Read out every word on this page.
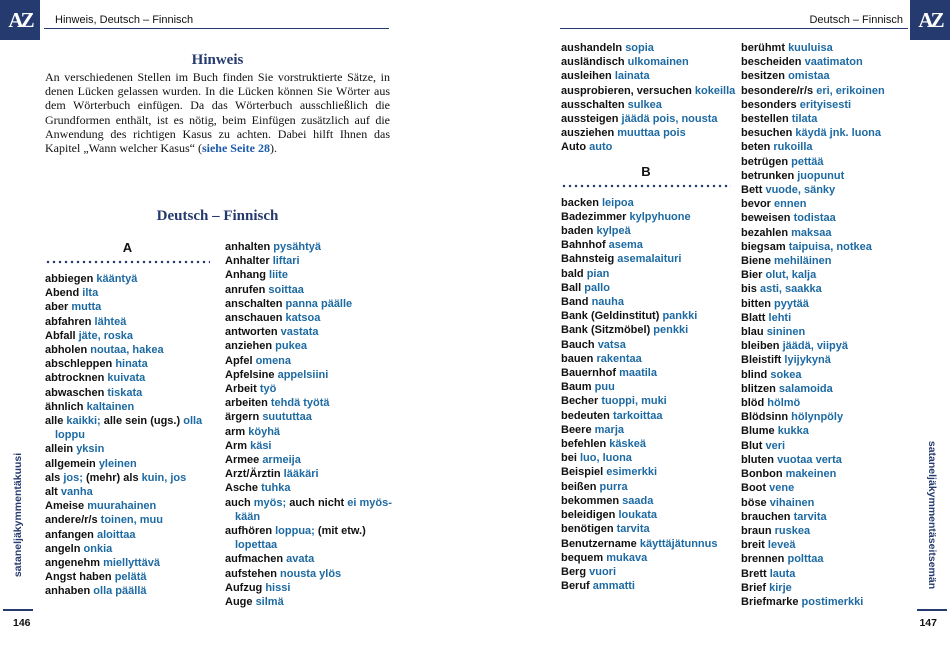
AZ	Hinweis, Deutsch – Finnisch
Hinweis
An verschiedenen Stellen im Buch finden Sie vorstruktierte Sätze, in denen Lücken gelassen wurden. In die Lücken können Sie Wörter aus dem Wörterbuch einfügen. Da das Wörterbuch ausschließlich die Grundformen enthält, ist es nötig, beim Einfügen zusätzlich auf die Anwendung des richtigen Kasus zu achten. Dabei hilft Ihnen das Kapitel „Wann welcher Kasus“ (siehe Seite 28).
Deutsch – Finnisch
A
abbiegen kääntyä
Abend ilta
aber mutta
abfahren lähteä
Abfall jäte, roska
abholen noutaa, hakea
abschleppen hinata
abtrocknen kuivata
abwaschen tiskata
ähnlich kaltainen
alle kaikki; alle sein (ugs.) olla
loppu
allein yksin
allgemein yleinen
als jos; (mehr) als kuin, jos
alt vanha
Ameise muurahainen
andere/r/s toinen, muu
anfangen aloittaa
angeln onkia
angenehm miellyttävä
Angst haben pelätä
anhaben olla päällä
anhalten pysähtyä
Anhalter liftari
Anhang liite
anrufen soittaa
anschalten panna päälle
anschauen katsoa
antworten vastata
anziehen pukea
Apfel omena
Apfelsine appelsiini
Arbeit työ
arbeiten tehdä työtä
ärgern suututtaa
arm köyhä
Arm käsi
Armee armeija
Arzt/Ärztin lääkäri
Asche tuhka
auch myös; auch nicht ei myös-
kään
aufhören loppua; (mit etw.)
lopettaa
aufmachen avata
aufstehen nousta ylös
Aufzug hissi
Auge silmä
sataneljäkymmentäkuusi
146
AZ
Deutsch – Finnisch
aushandeln sopia
ausländisch ulkomainen
ausleihen lainata
ausprobieren, versuchen kokeilla
ausschalten sulkea
aussteigen jäädä pois, nousta
ausziehen muuttaa pois
Auto auto
B
backen leipoa
Badezimmer kylpyhuone
baden kylpeä
Bahnhof asema
Bahnsteig asemalaituri
bald pian
Ball pallo
Band nauha
Bank (Geldinstitut) pankki
Bank (Sitzmöbel) penkki
Bauch vatsa
bauen rakentaa
Bauernhof maatila
Baum puu
Becher tuoppi, muki
bedeuten tarkoittaa
Beere marja
befehlen käskeä
bei luo, luona
Beispiel esimerkki
beißen purra
bekommen saada
beleidigen loukata
benötigen tarvita
Benutzername käyttäjätunnus
bequem mukava
Berg vuori
Beruf ammatti
berühmt kuuluisa
bescheiden vaatimaton
besitzen omistaa
besondere/r/s eri, erikoinen
besonders erityisesti
bestellen tilata
besuchen käydä jnk. luona
beten rukoilla
betrügen pettää
betrunken juopunut
Bett vuode, sänky
bevor ennen
beweisen todistaa
bezahlen maksaa
biegsam taipuisa, notkea
Biene mehiläinen
Bier olut, kalja
bis asti, saakka
bitten pyytää
Blatt lehti
blau sininen
bleiben jäädä, viipyä
Bleistift lyijykynä
blind sokea
blitzen salamoida
blöd hölmö
Blödsinn hölynpöly
Blume kukka
Blut veri
bluten vuotaa verta
Bonbon makeinen
Boot vene
böse vihainen
brauchen tarvita
braun ruskea
breit leveä
brennen polttaa
Brett lauta
Brief kirje
Briefmarke postimerkki
sataneljäkymmentäseitsemän
147
